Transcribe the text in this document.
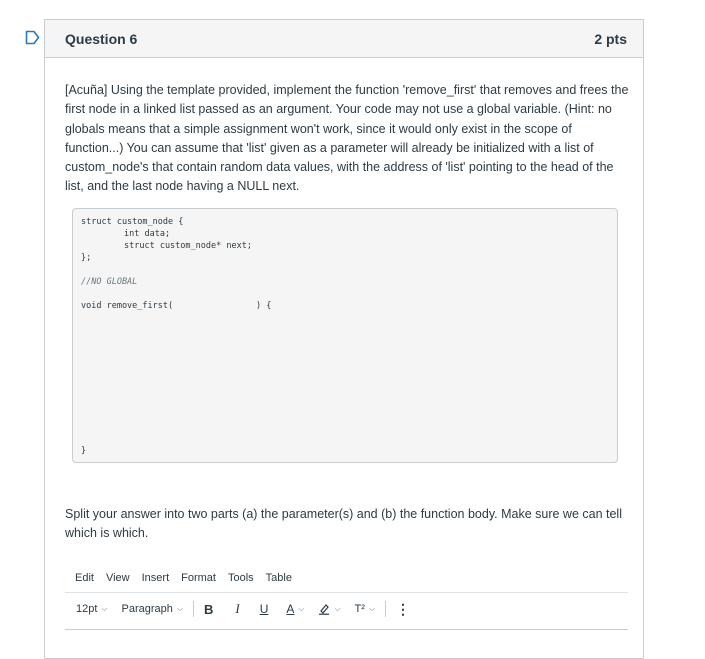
Question 6	2 pts
[Acuña] Using the template provided, implement the function 'remove_first' that removes and frees the first node in a linked list passed as an argument. Your code may not use a global variable. (Hint: no globals means that a simple assignment won't work, since it would only exist in the scope of function...) You can assume that 'list' given as a parameter will already be initialized with a list of custom_node's that contain random data values, with the address of 'list' pointing to the head of the list, and the last node having a NULL next.
struct custom_node {
int data;
struct custom_node* next;
};
//NO GLOBAL
void remove_first(	) {
}
Split your answer into two parts (a) the parameter(s) and (b) the function body. Make sure we can tell which is which.
Edit View Insert Format Tools Table
12pt ⌵ Paragraph ⌵ B I U A ⌵	⌵ T² ⌵ ⋮
